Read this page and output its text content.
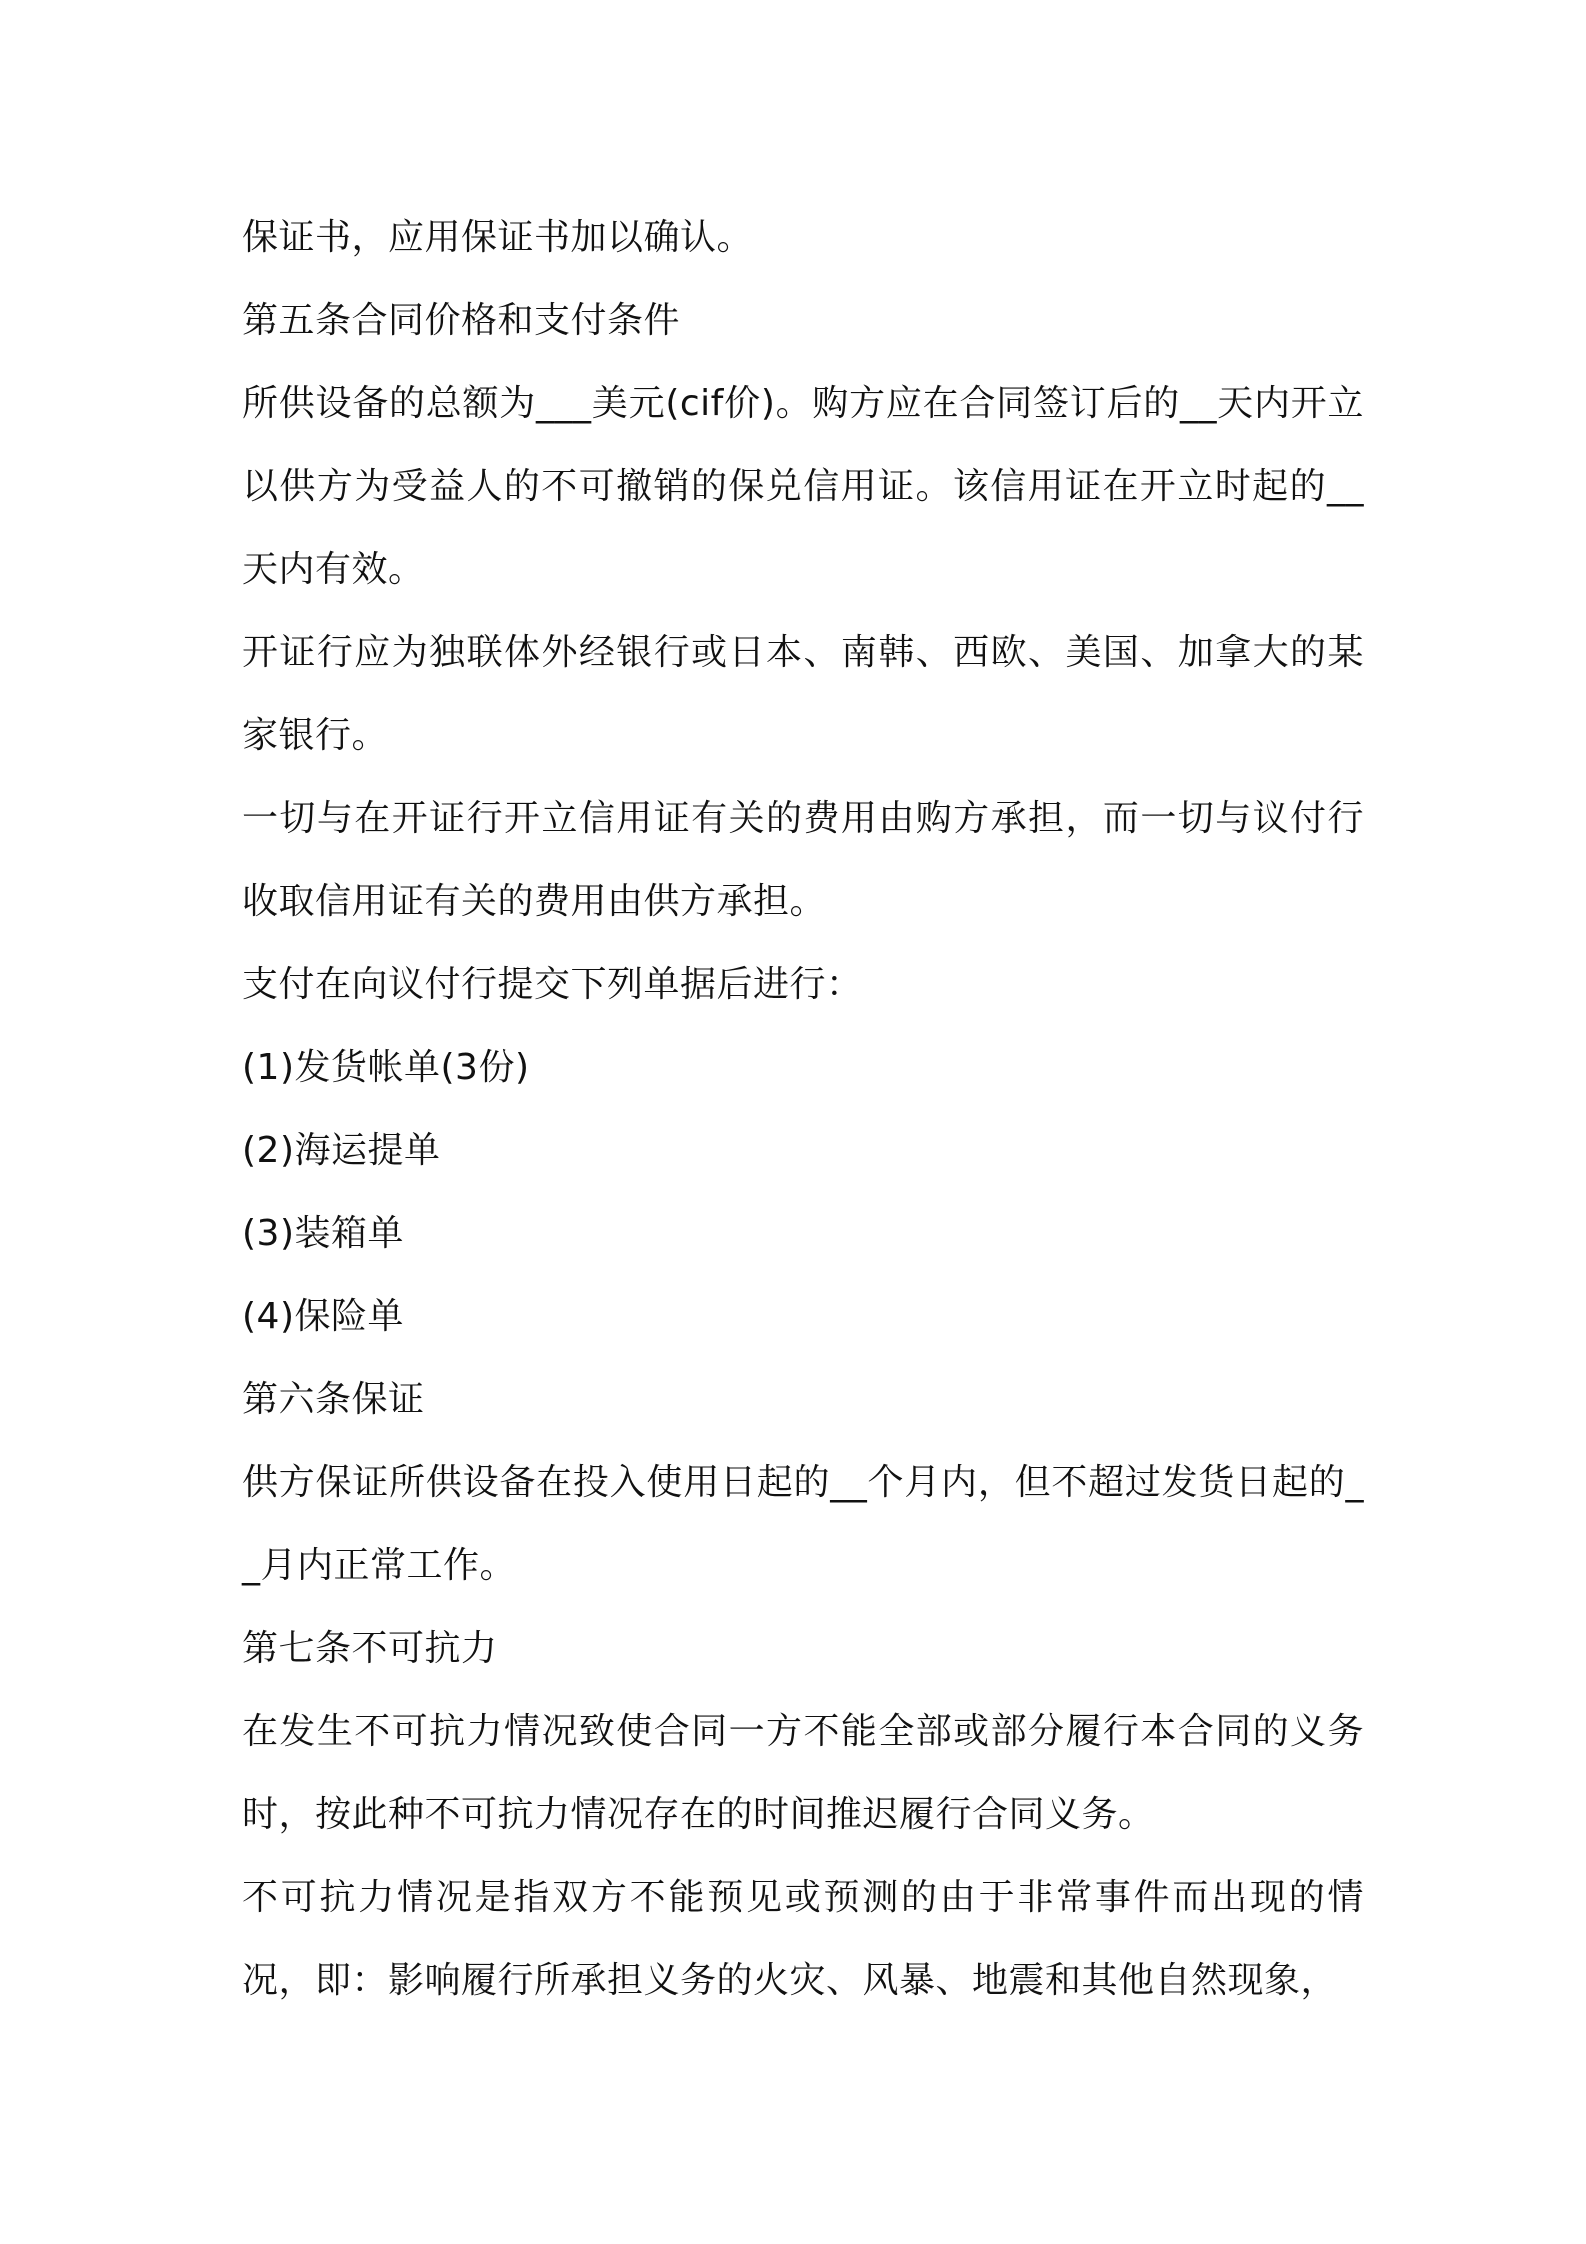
保证书，应用保证书加以确认。

第五条合同价格和支付条件

所供设备的总额为___美元(cif价)。购方应在合同签订后的__天内开立以供方为受益人的不可撤销的保兑信用证。该信用证在开立时起的__天内有效。

开证行应为独联体外经银行或日本、南韩、西欧、美国、加拿大的某家银行。

一切与在开证行开立信用证有关的费用由购方承担，而一切与议付行收取信用证有关的费用由供方承担。

支付在向议付行提交下列单据后进行：

(1)发货帐单(3份)

(2)海运提单

(3)装箱单

(4)保险单

第六条保证

供方保证所供设备在投入使用日起的__个月内，但不超过发货日起的__月内正常工作。

第七条不可抗力

在发生不可抗力情况致使合同一方不能全部或部分履行本合同的义务时，按此种不可抗力情况存在的时间推迟履行合同义务。

不可抗力情况是指双方不能预见或预测的由于非常事件而出现的情况，即：影响履行所承担义务的火灾、风暴、地震和其他自然现象，
